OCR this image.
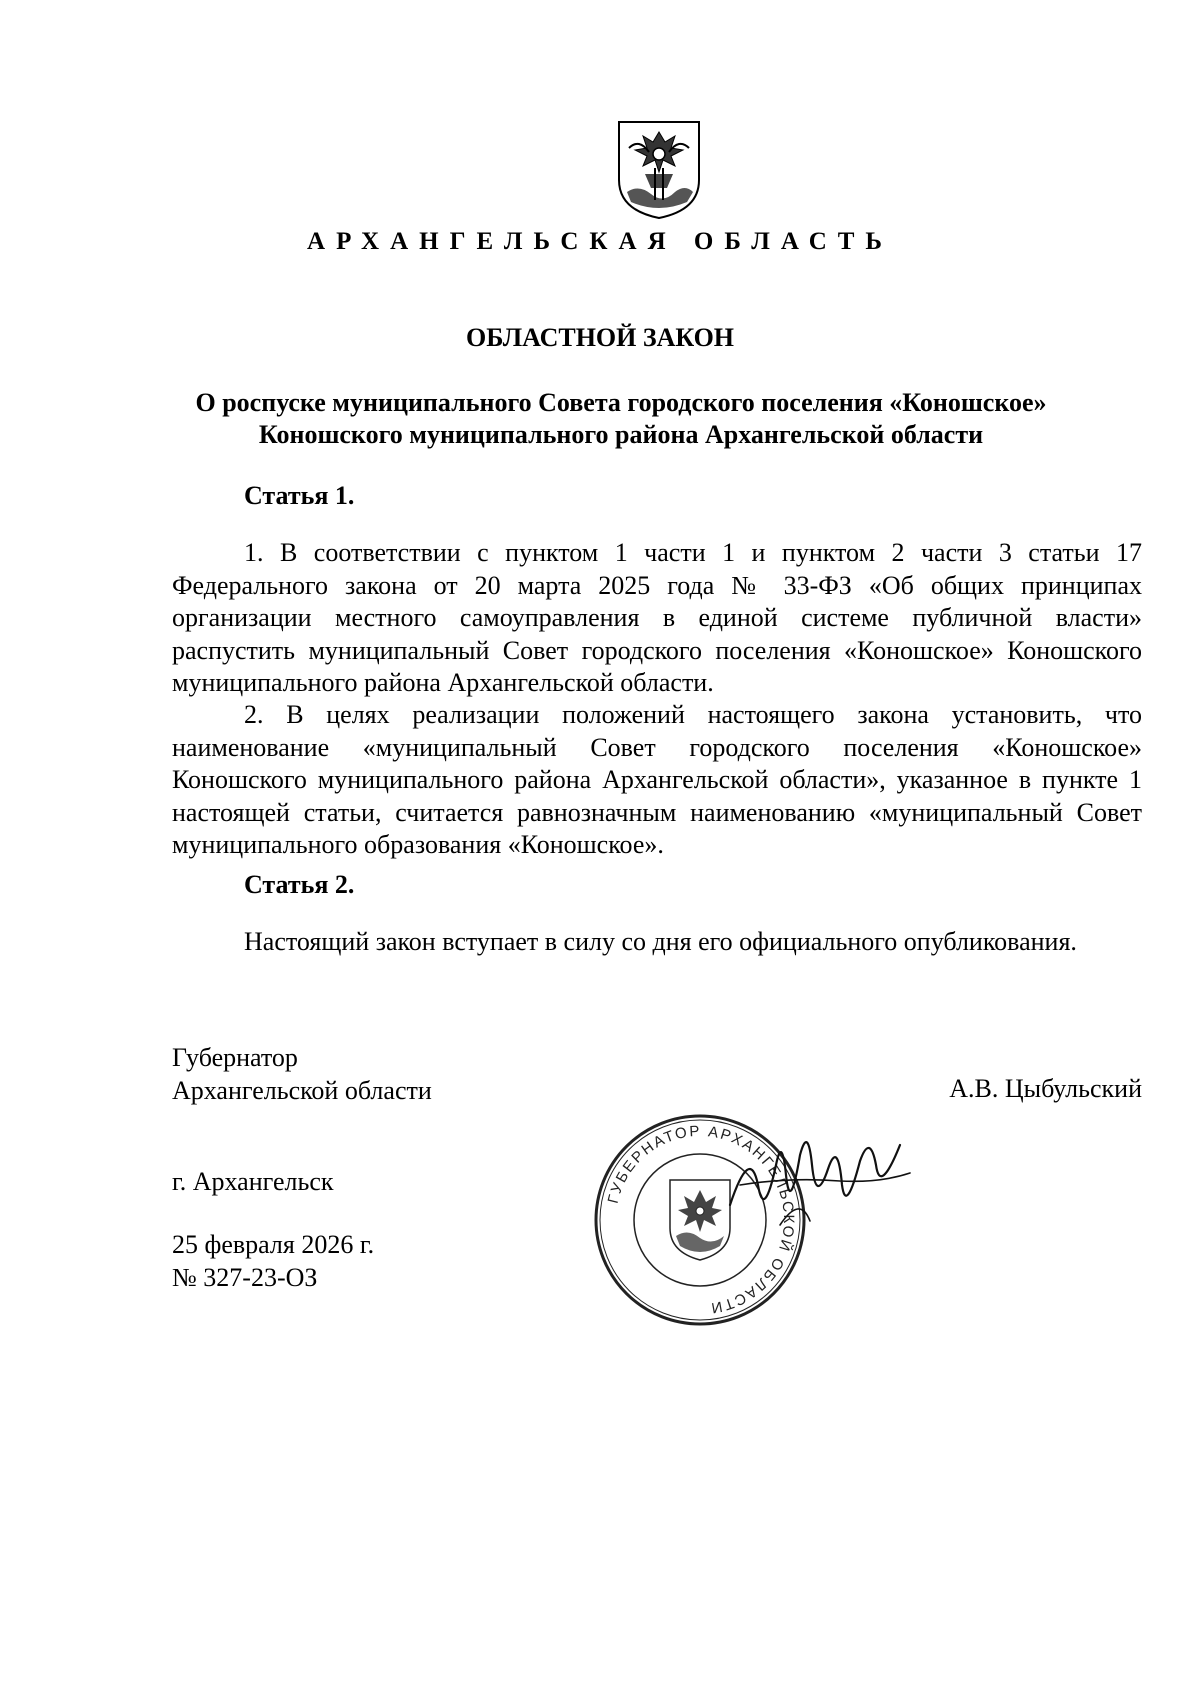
АРХАНГЕЛЬСКАЯ ОБЛАСТЬ
ОБЛАСТНОЙ ЗАКОН
О роспуске муниципального Совета городского поселения «Коношское» Коношского муниципального района Архангельской области
Статья 1.

1. В соответствии с пунктом 1 части 1 и пунктом 2 части 3 статьи 17 Федерального закона от 20 марта 2025 года № 33-ФЗ «Об общих принципах организации местного самоуправления в единой системе публичной власти» распустить муниципальный Совет городского поселения «Коношское» Коношского муниципального района Архангельской области.

2. В целях реализации положений настоящего закона установить, что наименование «муниципальный Совет городского поселения «Коношское» Коношского муниципального района Архангельской области», указанное в пункте 1 настоящей статьи, считается равнозначным наименованию «муниципальный Совет муниципального образования «Коношское».

Статья 2.

Настоящий закон вступает в силу со дня его официального опубликования.

Губернатор
Архангельской области	А.В. Цыбульский
г. Архангельск
25 февраля 2026 г.
№ 327-23-ОЗ
ГУБЕРНАТОР АРХАНГЕЛЬСКОЙ ОБЛАСТИ
